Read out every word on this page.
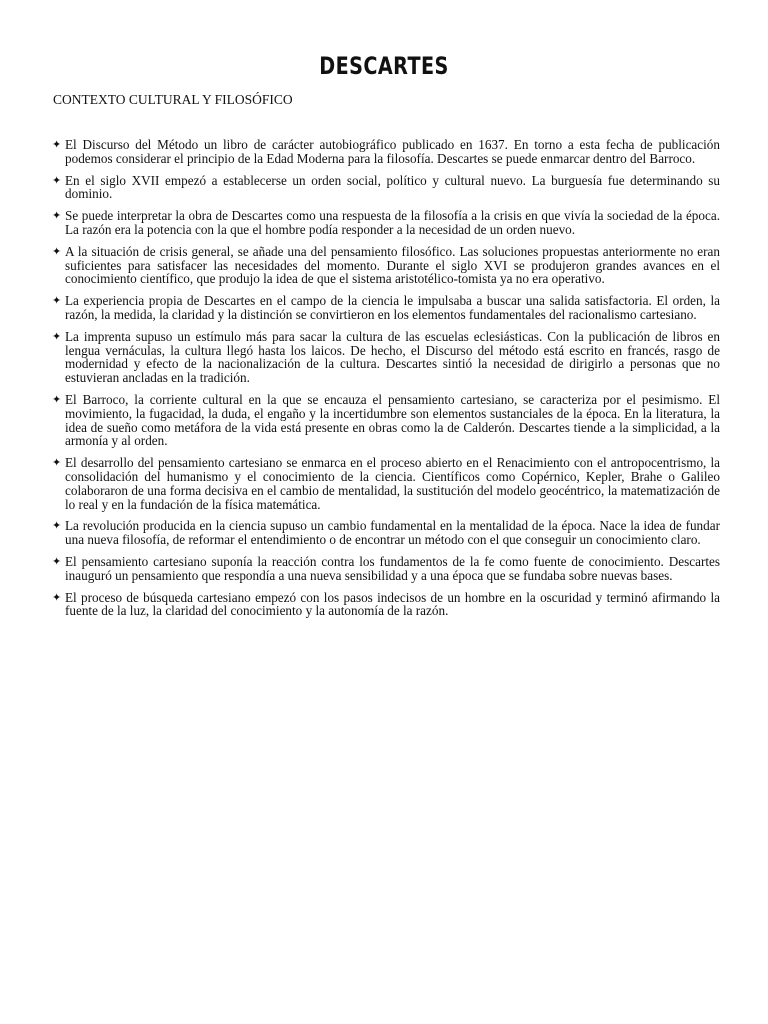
DESCARTES

CONTEXTO CULTURAL Y FILOSÓFICO

✦ El Discurso del Método un libro de carácter autobiográfico publicado en 1637. En torno a esta fecha de publicación podemos considerar el principio de la Edad Moderna para la filosofía. Descartes se puede enmarcar dentro del Barroco.
✦ En el siglo XVII empezó a establecerse un orden social, político y cultural nuevo. La burguesía fue determinando su dominio.
✦ Se puede interpretar la obra de Descartes como una respuesta de la filosofía a la crisis en que vivía la sociedad de la época. La razón era la potencia con la que el hombre podía responder a la necesidad de un orden nuevo.
✦ A la situación de crisis general, se añade una del pensamiento filosófico. Las soluciones propuestas anteriormente no eran suficientes para satisfacer las necesidades del momento. Durante el siglo XVI se produjeron grandes avances en el conocimiento científico, que produjo la idea de que el sistema aristotélico-tomista ya no era operativo.
✦ La experiencia propia de Descartes en el campo de la ciencia le impulsaba a buscar una salida satisfactoria. El orden, la razón, la medida, la claridad y la distinción se convirtieron en los elementos fundamentales del racionalismo cartesiano.
✦ La imprenta supuso un estímulo más para sacar la cultura de las escuelas eclesiásticas. Con la publicación de libros en lengua vernáculas, la cultura llegó hasta los laicos. De hecho, el Discurso del método está escrito en francés, rasgo de modernidad y efecto de la nacionalización de la cultura. Descartes sintió la necesidad de dirigirlo a personas que no estuvieran ancladas en la tradición.
✦ El Barroco, la corriente cultural en la que se encauza el pensamiento cartesiano, se caracteriza por el pesimismo. El movimiento, la fugacidad, la duda, el engaño y la incertidumbre son elementos sustanciales de la época. En la literatura, la idea de sueño como metáfora de la vida está presente en obras como la de Calderón. Descartes tiende a la simplicidad, a la armonía y al orden.
✦ El desarrollo del pensamiento cartesiano se enmarca en el proceso abierto en el Renacimiento con el antropocentrismo, la consolidación del humanismo y el conocimiento de la ciencia. Científicos como Copérnico, Kepler, Brahe o Galileo colaboraron de una forma decisiva en el cambio de mentalidad, la sustitución del modelo geocéntrico, la matematización de lo real y en la fundación de la física matemática.
✦ La revolución producida en la ciencia supuso un cambio fundamental en la mentalidad de la época. Nace la idea de fundar una nueva filosofía, de reformar el entendimiento o de encontrar un método con el que conseguir un conocimiento claro.
✦ El pensamiento cartesiano suponía la reacción contra los fundamentos de la fe como fuente de conocimiento. Descartes inauguró un pensamiento que respondía a una nueva sensibilidad y a una época que se fundaba sobre nuevas bases.
✦ El proceso de búsqueda cartesiano empezó con los pasos indecisos de un hombre en la oscuridad y terminó afirmando la fuente de la luz, la claridad del conocimiento y la autonomía de la razón.
